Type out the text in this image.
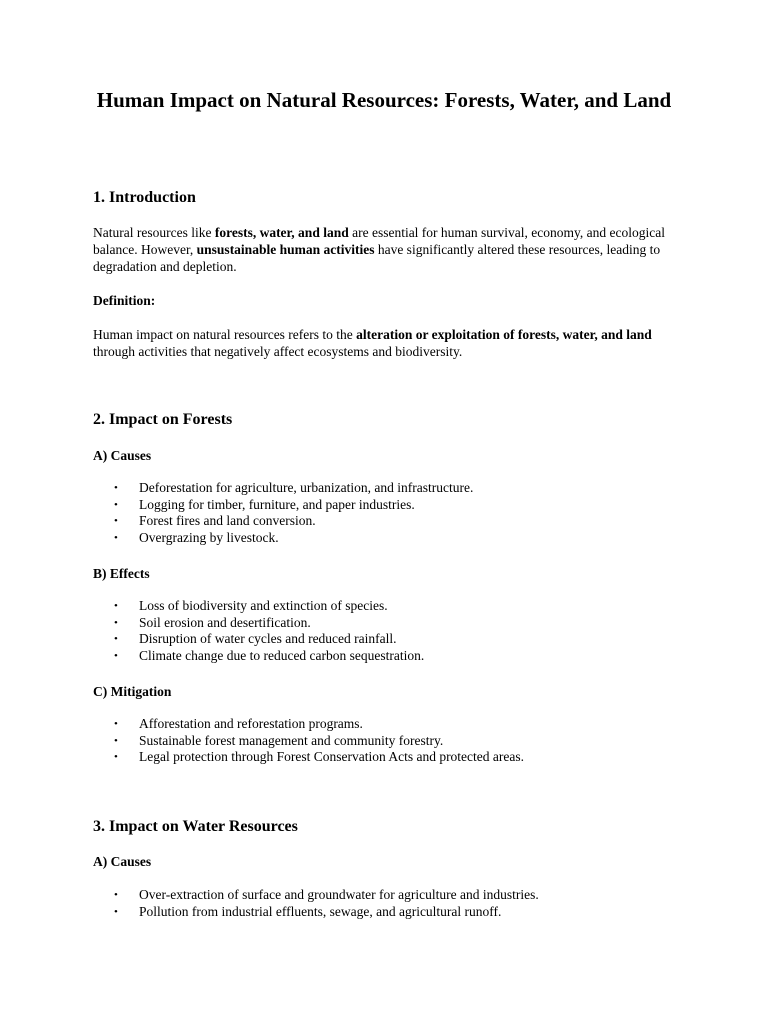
Human Impact on Natural Resources: Forests, Water, and Land
1. Introduction

Natural resources like forests, water, and land are essential for human survival, economy, and ecological balance. However, unsustainable human activities have significantly altered these resources, leading to degradation and depletion.

Definition:

Human impact on natural resources refers to the alteration or exploitation of forests, water, and land through activities that negatively affect ecosystems and biodiversity.

2. Impact on Forests
A) Causes
• Deforestation for agriculture, urbanization, and infrastructure.
• Logging for timber, furniture, and paper industries.
• Forest fires and land conversion.
• Overgrazing by livestock.
B) Effects
• Loss of biodiversity and extinction of species.
• Soil erosion and desertification.
• Disruption of water cycles and reduced rainfall.
• Climate change due to reduced carbon sequestration.
C) Mitigation
• Afforestation and reforestation programs.
• Sustainable forest management and community forestry.
• Legal protection through Forest Conservation Acts and protected areas.
3. Impact on Water Resources
A) Causes
• Over-extraction of surface and groundwater for agriculture and industries.
• Pollution from industrial effluents, sewage, and agricultural runoff.
